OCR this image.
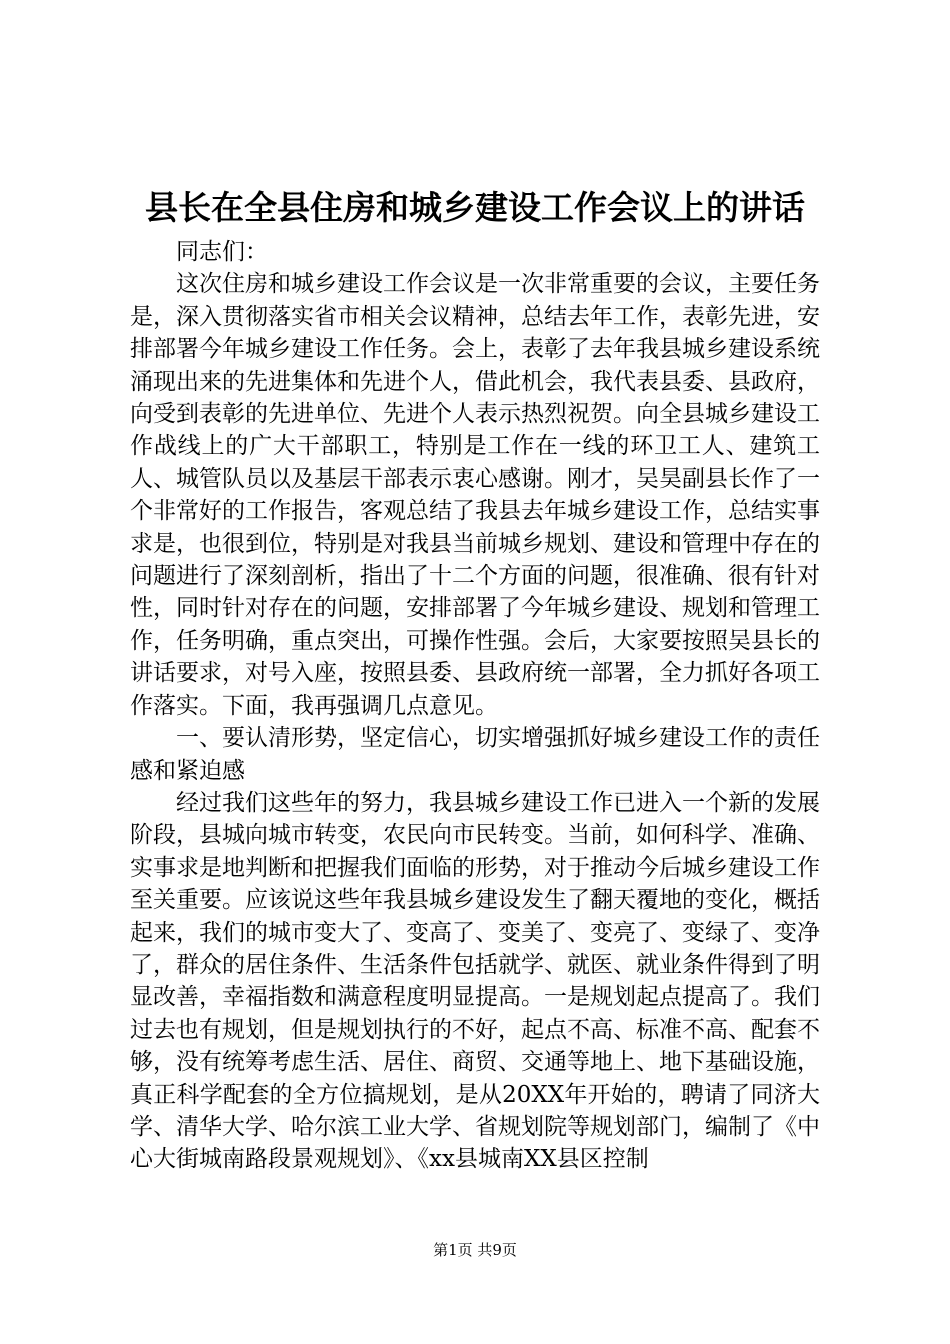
县长在全县住房和城乡建设工作会议上的讲话

同志们：

这次住房和城乡建设工作会议是一次非常重要的会议，主要任务是，深入贯彻落实省市相关会议精神，总结去年工作，表彰先进，安排部署今年城乡建设工作任务。会上，表彰了去年我县城乡建设系统涌现出来的先进集体和先进个人，借此机会，我代表县委、县政府，向受到表彰的先进单位、先进个人表示热烈祝贺。向全县城乡建设工作战线上的广大干部职工，特别是工作在一线的环卫工人、建筑工人、城管队员以及基层干部表示衷心感谢。刚才，吴昊副县长作了一个非常好的工作报告，客观总结了我县去年城乡建设工作，总结实事求是，也很到位，特别是对我县当前城乡规划、建设和管理中存在的问题进行了深刻剖析，指出了十二个方面的问题，很准确、很有针对性，同时针对存在的问题，安排部署了今年城乡建设、规划和管理工作，任务明确，重点突出，可操作性强。会后，大家要按照吴县长的讲话要求，对号入座，按照县委、县政府统一部署，全力抓好各项工作落实。下面，我再强调几点意见。

一、要认清形势，坚定信心，切实增强抓好城乡建设工作的责任感和紧迫感

经过我们这些年的努力，我县城乡建设工作已进入一个新的发展阶段，县城向城市转变，农民向市民转变。当前，如何科学、准确、实事求是地判断和把握我们面临的形势，对于推动今后城乡建设工作至关重要。应该说这些年我县城乡建设发生了翻天覆地的变化，概括起来，我们的城市变大了、变高了、变美了、变亮了、变绿了、变净了，群众的居住条件、生活条件包括就学、就医、就业条件得到了明显改善，幸福指数和满意程度明显提高。一是规划起点提高了。我们过去也有规划，但是规划执行的不好，起点不高、标准不高、配套不够，没有统筹考虑生活、居住、商贸、交通等地上、地下基础设施，真正科学配套的全方位搞规划，是从20XX年开始的，聘请了同济大学、清华大学、哈尔滨工业大学、省规划院等规划部门，编制了《中心大街城南路段景观规划》、《xx县城南XX县区控制

第1页 共9页
